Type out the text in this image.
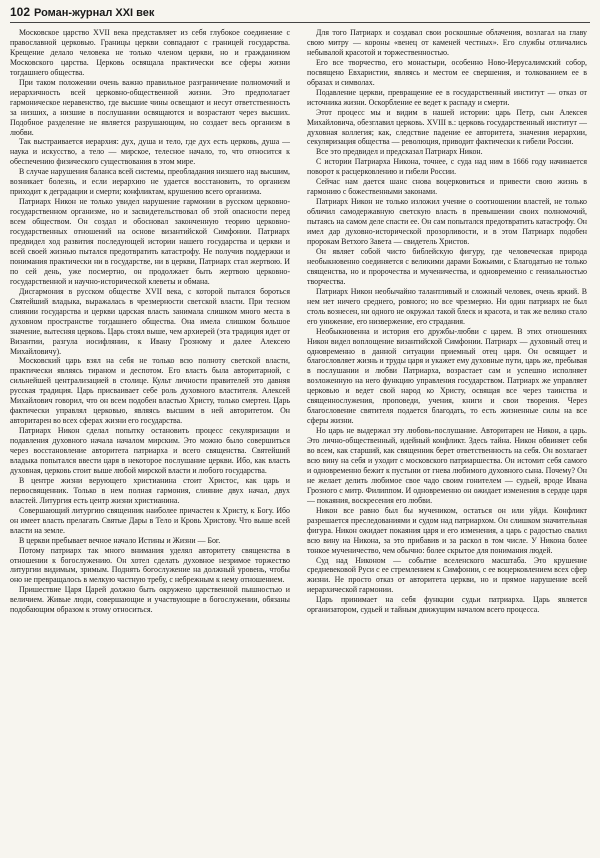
102 Роман-журнал XXI век

Московское царство XVII века представляет из себя глубокое соединение с православной церковью. Границы церкви совпадают с границей государства. Крещение делало человека не только членом церкви, но и гражданином Московского царства. Церковь освящала практически все сферы жизни тогдашнего общества.

При таком положении очень важно правильное разграничение полномочий и иерархичность всей церковно-общественной жизни. Это предполагает гармоническое неравенство, где высшие чины освещают и несут ответственность за низших, а низшие в послушании освящаются и возрастают через высших. Подобное разделение не является разрушающим, но создает весь организм в любви.

Так выстраивается иерархия: дух, душа и тело, где дух есть церковь, душа — наука и искусство, а тело — мирское, телесное начало, то, что относится к обеспечению физического существования в этом мире.

В случае нарушения баланса всей системы, преобладания низшего над высшим, возникает болезнь, и если иерархию не удается восстановить, то организм приходит к деградации и смерти; конфликтам, крушению всего организма.

Патриарх Никон не только увидел нарушение гармонии в русском церковно-государственном организме, но и засвидетельствовал об этой опасности перед всем обществом. Он создал и обосновал законченную теорию церковно-государственных отношений на основе византийской Симфонии. Патриарх предвидел ход развития последующей истории нашего государства и церкви и всей своей жизнью пытался предотвратить катастрофу. Не получив поддержки и понимания практически ни в государстве, ни в церкви, Патриарх стал жертвою. И по сей день, уже посмертно, он продолжает быть жертвою церковно-государственной и научно-исторической клеветы и обмана.

Дисгармония в русском обществе XVII века, с которой пытался бороться Святейший владыка, выражалась в чрезмерности светской власти. При тесном слиянии государства и церкви царская власть занимала слишком много места в духовном пространстве тогдашнего общества. Она имела слишком большое значение, вытесняя церковь. Царь стоял выше, чем архиерей (эта традиция идет от Византии, разгула иосифлянин, к Ивану Грозному и далее Алексею Михайловичу).

Московский царь взял на себя не только всю полноту светской власти, практически являясь тираном и деспотом. Его власть была авторитарной, с сильнейшей централизацией в столице. Культ личности правителей это давняя русская традиция. Царь присваивает себе роль духовного властителя. Алексей Михайлович говорил, что он всем подобен властью Христу, только смертен. Царь фактически управлял церковью, являясь высшим в ней авторитетом. Он авторитарен во всех сферах жизни его государства.

Патриарх Никон сделал попытку остановить процесс секуляризации и подавления духовного начала началом мирским. Это можно было совершиться через восстановление авторитета патриарха и всего священства. Святейший владыка попытался ввести царя в некоторое послушание церкви. Ибо, как власть духовная, церковь стоит выше любой мирской власти и любого государства.

В центре жизни верующего христианина стоит Христос, как царь и первосвященник. Только в нем полная гармония, слияние двух начал, двух властей. Литургия есть центр жизни христианина.

Совершающий литургию священник наиболее причастен к Христу, к Богу. Ибо он имеет власть прелагать Святые Дары в Тело и Кровь Христову. Что выше всей власти на земле.

В церкви пребывает вечное начало Истины и Жизни — Бог.

Потому патриарх так много внимания уделял авторитету священства в отношении к богослужению. Он хотел сделать духовное незримое торжество литургии видимым, зримым. Поднять богослужение на должный уровень, чтобы оно не превращалось в мелкую частную требу, с небрежным к нему отношением.

Пришествие Царя Царей должно быть окружено царственной пышностью и величием. Живые люди, совершающие и участвующие в богослужении, обязаны подобающим образом к этому относиться.

Для того Патриарх и создавал свои роскошные облачения, возлагал на главу свою митру — короны «венец от каменей честных». Его службы отличались небывалой красотой и торжественностью.

Его все творчество, его монастыри, особенно Ново-Иерусалимский собор, посвящено Евхаристии, являясь и местом ее свершения, и толкованием ее в образах и символах.

Подавление церкви, превращение ее в государственный институт — отказ от источника жизни. Оскорбление ее ведет к распаду и смерти.

Этот процесс мы и видим в нашей истории: царь Петр, сын Алексея Михайловича, обезглавил церковь. XVIII в.: церковь государственный институт — духовная коллегия; как, следствие падение ее авторитета, значения иерархии, секуляризация общества — революция, приводит фактически к гибели России.

Все это предвидел и предсказал Патриарх Никон.

С истории Патриарха Никона, точнее, с суда над ним в 1666 году начинается поворот к расцерковлению и гибели России.

Сейчас нам дается шанс снова воцерковиться и привести свою жизнь в гармонию с божественными законами.

Патриарх Никон не только изложил учение о соотношении властей, не только обличил самодержавную светскую власть в превышении своих полномочий, пытаясь на самом деле спасти ее. Он сам попытался предотвратить катастрофу. Он имел дар духовно-исторической прозорливости, и в этом Патриарх подобен пророкам Ветхого Завета — свидетель Христов.

Он являет собой чисто библейскую фигуру, где человеческая природа необыкновенно соединяется с великими дарами Божьими, с Благодатью не только священства, но и пророчества и мученичества, и одновременно с гениальностью творчества.

Патриарх Никон необычайно талантливый и сложный человек, очень яркий. В нем нет ничего среднего, ровного; но все чрезмерно. Ни один патриарх не был столь вознесен, ни одного не окружал такой блеск и красота, и так же велико стало его унижение, его низвержение, его страдания.

Необыкновенна и история его дружбы-любви с царем. В этих отношениях Никон видел воплощение византийской Симфонии. Патриарх — духовный отец и одновременно в данной ситуации приемный отец царя. Он освящает и благословляет жизнь и труды царя и укажет ему духовные пути, царь же, пребывая в послушании и любви Патриарха, возрастает сам и успешно исполняет возложенную на него функцию управления государством. Патриарх же управляет церковью и ведет свой народ ко Христу, освящая все через таинства и священнослужения, проповеди, учения, книги и свои творения. Через благословение святителя подается благодать, то есть жизненные силы на все сферы жизни.

Но царь не выдержал эту любовь-послушание. Авторитарен не Никон, а царь. Это лично-общественный, идейный конфликт. Здесь тайна. Никон обвиняет себя во всем, как старший, как священник берет ответственность на себя. Он возлагает всю вину на себя и уходит с московского патриаршества. Он истомит себя самого и одновременно бежит к пустыни от гнева любимого духовного сына. Почему? Он не желает делить любимое свое чадо своим гонителем — судьей, вроде Ивана Грозного с митр. Филиппом. И одновременно он ожидает изменения в сердце царя — покаяния, воскресения его любви.

Никон все равно был бы мучеником, остаться он или уйди. Конфликт разрешается преследованиями и судом над патриархом. Он слишком значительная фигура. Никон ожидает покаяния царя и его изменения, а царь с радостью свалил всю вину на Никона, за это прибавив и за раскол в том числе. У Никона более тонкое мученичество, чем обычно: более скрытое для понимания людей.

Суд над Никоном — событие вселенского масштаба. Это крушение средневековой Руси с ее стремлением к Симфонии, с ее воцерковлением всех сфер жизни. Не просто отказ от авторитета церкви, но и прямое нарушение всей иерархической гармонии.

Царь принимает на себя функции судьи патриарха. Царь является организатором, судьей и тайным движущим началом всего процесса.
